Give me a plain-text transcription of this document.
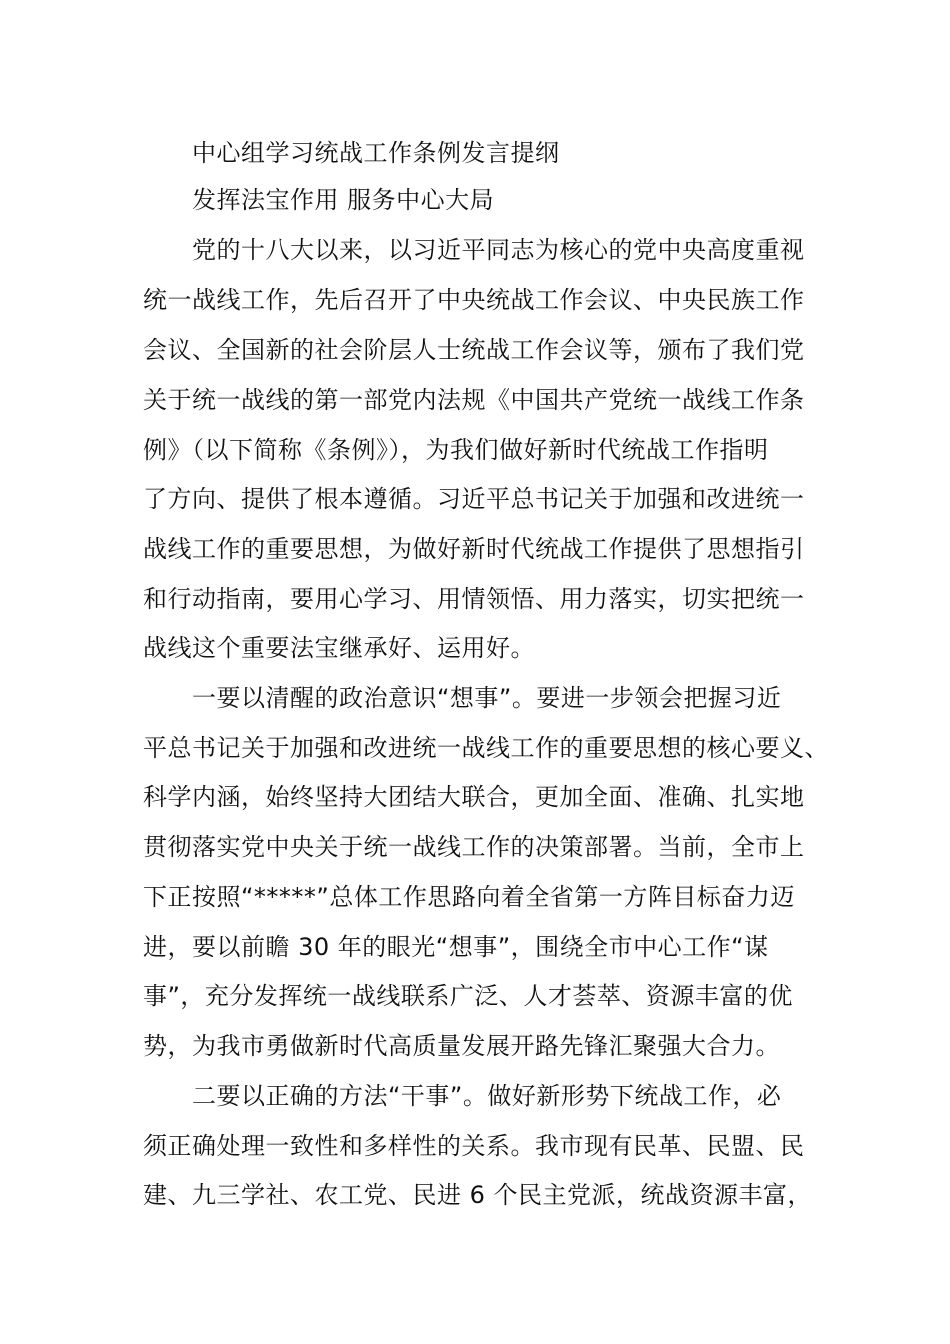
中心组学习统战工作条例发言提纲
发挥法宝作用 服务中心大局
党的十八大以来，以习近平同志为核心的党中央高度重视
统一战线工作，先后召开了中央统战工作会议、中央民族工作
会议、全国新的社会阶层人士统战工作会议等，颁布了我们党
关于统一战线的第一部党内法规《中国共产党统一战线工作条
例》（以下简称《条例》），为我们做好新时代统战工作指明
了方向、提供了根本遵循。习近平总书记关于加强和改进统一
战线工作的重要思想，为做好新时代统战工作提供了思想指引
和行动指南，要用心学习、用情领悟、用力落实，切实把统一
战线这个重要法宝继承好、运用好。
一要以清醒的政治意识“想事”。要进一步领会把握习近
平总书记关于加强和改进统一战线工作的重要思想的核心要义、
科学内涵，始终坚持大团结大联合，更加全面、准确、扎实地
贯彻落实党中央关于统一战线工作的决策部署。当前，全市上
下正按照“*****”总体工作思路向着全省第一方阵目标奋力迈
进，要以前瞻 30 年的眼光“想事”，围绕全市中心工作“谋
事”，充分发挥统一战线联系广泛、人才荟萃、资源丰富的优
势，为我市勇做新时代高质量发展开路先锋汇聚强大合力。
二要以正确的方法“干事”。做好新形势下统战工作，必
须正确处理一致性和多样性的关系。我市现有民革、民盟、民
建、九三学社、农工党、民进 6 个民主党派，统战资源丰富，
